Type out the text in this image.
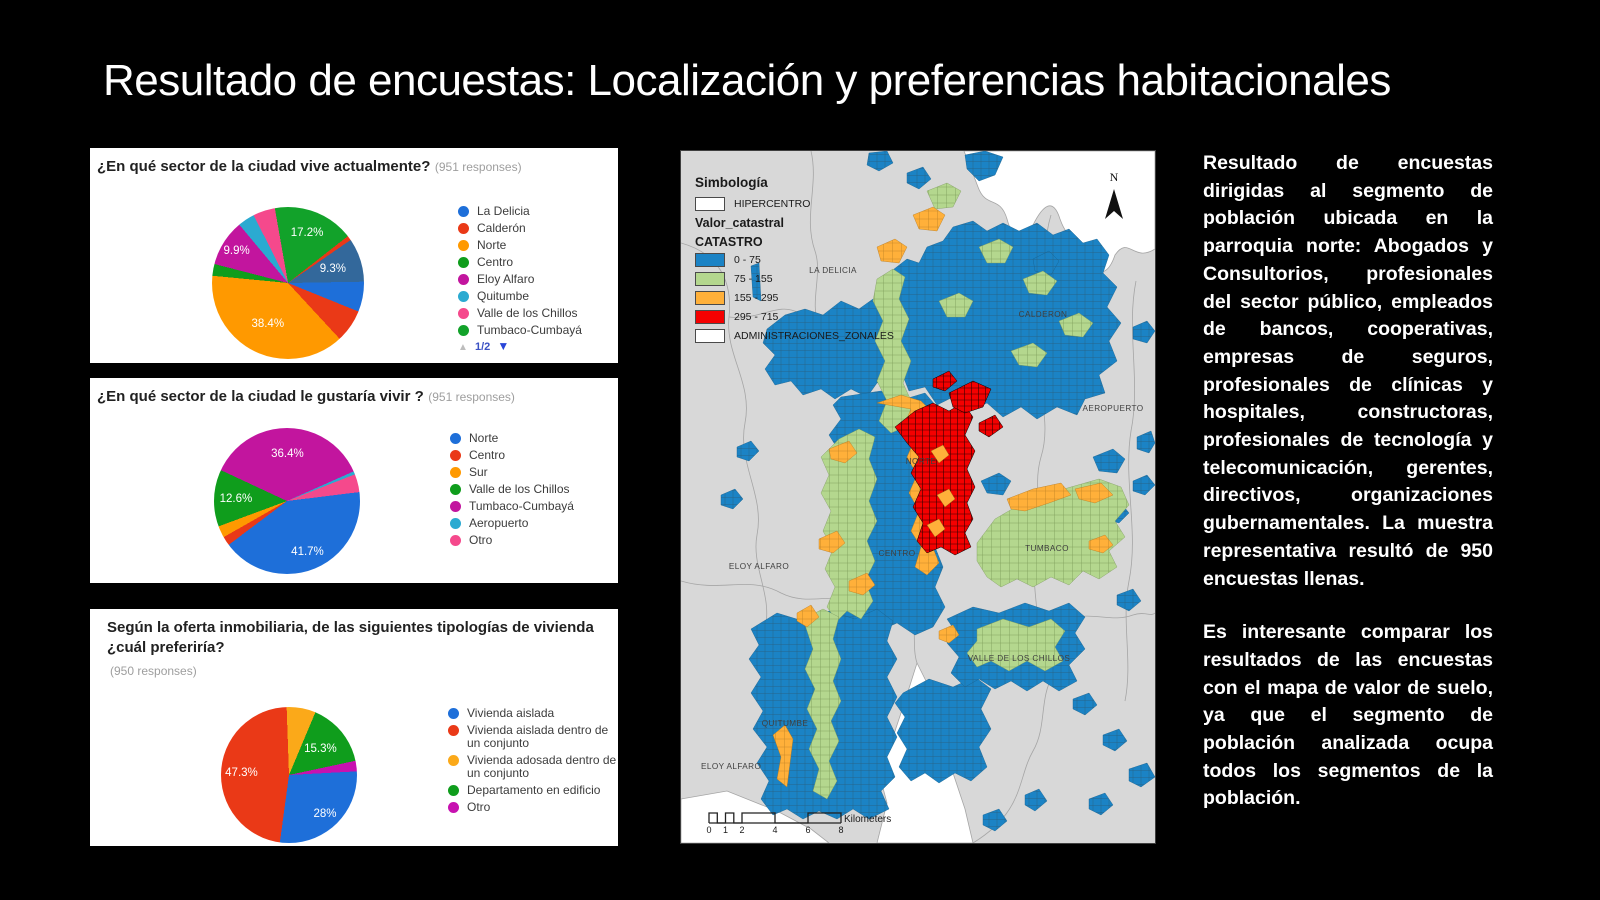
Resultado de encuestas: Localización y preferencias habitacionales
¿En qué sector de la ciudad vive actualmente? (951 responses)
17.2%
9.3%
38.4%
9.9%
La Delicia
Calderón
Norte
Centro
Eloy Alfaro
Quitumbe
Valle de los Chillos
Tumbaco-Cumbayá
▲ 1/2 ▼
¿En qué sector de la ciudad le gustaría vivir ? (951 responses)
36.4%
41.7%
12.6%
Norte
Centro
Sur
Valle de los Chillos
Tumbaco-Cumbayá
Aeropuerto
Otro
Según la oferta inmobiliaria, de las siguientes tipologías de vivienda ¿cuál preferiría?
(950 responses)
15.3%
28%
47.3%
Vivienda aislada
Vivienda aislada dentro de un conjunto
Vivienda adosada dentro de un conjunto
Departamento en edificio
Otro
LA DELICIA
CALDERON
AEROPUERTO
NORTE
ELOY ALFARO
CENTRO
TUMBACO
VALLE DE LOS CHILLOS
QUITUMBE
ELOY ALFARO
N
0 1 2	4	6	8
Kilometers
Simbología
HIPERCENTRO
Valor_catastral
CATASTRO
0 - 75
75 - 155
155 - 295
295 - 715
ADMINISTRACIONES_ZONALES

Resultado de encuestas dirigidas al segmento de población ubicada en la parroquia norte: Abogados y Consultorios, profesionales del sector público, empleados de bancos, cooperativas, empresas de seguros, profesionales de clínicas y hospitales, constructoras, profesionales de tecnología y telecomunicación, gerentes, directivos, organizaciones gubernamentales. La muestra representativa resultó de 950 encuestas llenas.

Es interesante comparar los resultados de las encuestas con el mapa de valor de suelo, ya que el segmento de población analizada ocupa todos los segmentos de la población.
